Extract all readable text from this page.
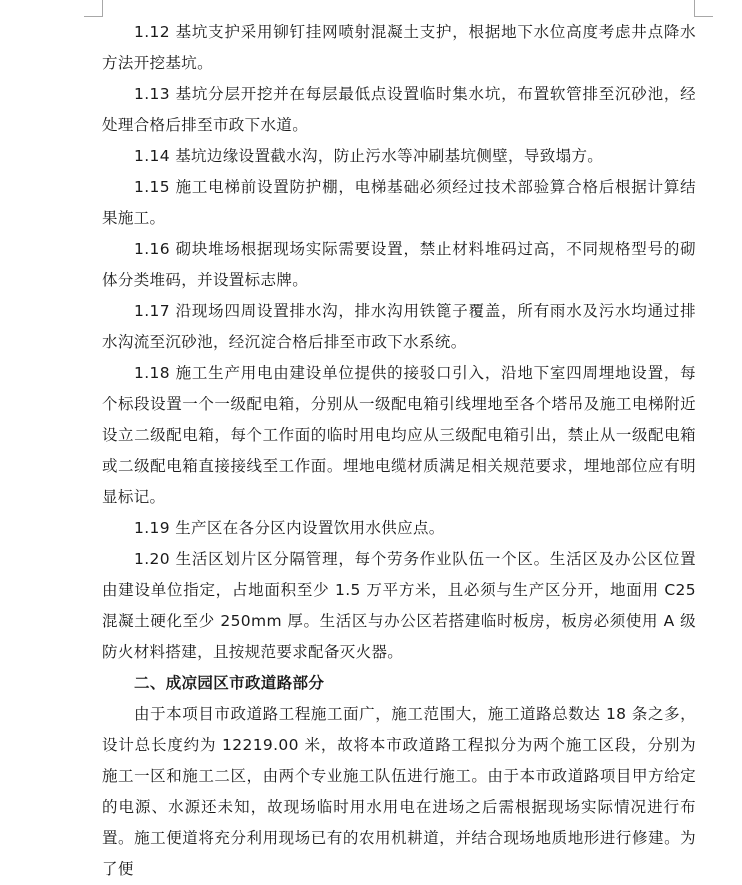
1.12 基坑支护采用铆钉挂网喷射混凝土支护，根据地下水位高度考虑井点降水方法开挖基坑。

1.13 基坑分层开挖并在每层最低点设置临时集水坑，布置软管排至沉砂池，经处理合格后排至市政下水道。

1.14 基坑边缘设置截水沟，防止污水等冲刷基坑侧壁，导致塌方。

1.15 施工电梯前设置防护棚，电梯基础必须经过技术部验算合格后根据计算结果施工。

1.16 砌块堆场根据现场实际需要设置，禁止材料堆码过高，不同规格型号的砌体分类堆码，并设置标志牌。

1.17 沿现场四周设置排水沟，排水沟用铁篦子覆盖，所有雨水及污水均通过排水沟流至沉砂池，经沉淀合格后排至市政下水系统。

1.18 施工生产用电由建设单位提供的接驳口引入，沿地下室四周埋地设置，每个标段设置一个一级配电箱，分别从一级配电箱引线埋地至各个塔吊及施工电梯附近设立二级配电箱，每个工作面的临时用电均应从三级配电箱引出，禁止从一级配电箱或二级配电箱直接接线至工作面。埋地电缆材质满足相关规范要求，埋地部位应有明显标记。

1.19 生产区在各分区内设置饮用水供应点。

1.20 生活区划片区分隔管理，每个劳务作业队伍一个区。生活区及办公区位置由建设单位指定，占地面积至少 1.5 万平方米，且必须与生产区分开，地面用 C25 混凝土硬化至少 250mm 厚。生活区与办公区若搭建临时板房，板房必须使用 A 级防火材料搭建，且按规范要求配备灭火器。

二、成凉园区市政道路部分

由于本项目市政道路工程施工面广，施工范围大，施工道路总数达 18 条之多，设计总长度约为 12219.00 米，故将本市政道路工程拟分为两个施工区段，分别为施工一区和施工二区，由两个专业施工队伍进行施工。由于本市政道路项目甲方给定的电源、水源还未知，故现场临时用水用电在进场之后需根据现场实际情况进行布置。施工便道将充分利用现场已有的农用机耕道，并结合现场地质地形进行修建。为了便
